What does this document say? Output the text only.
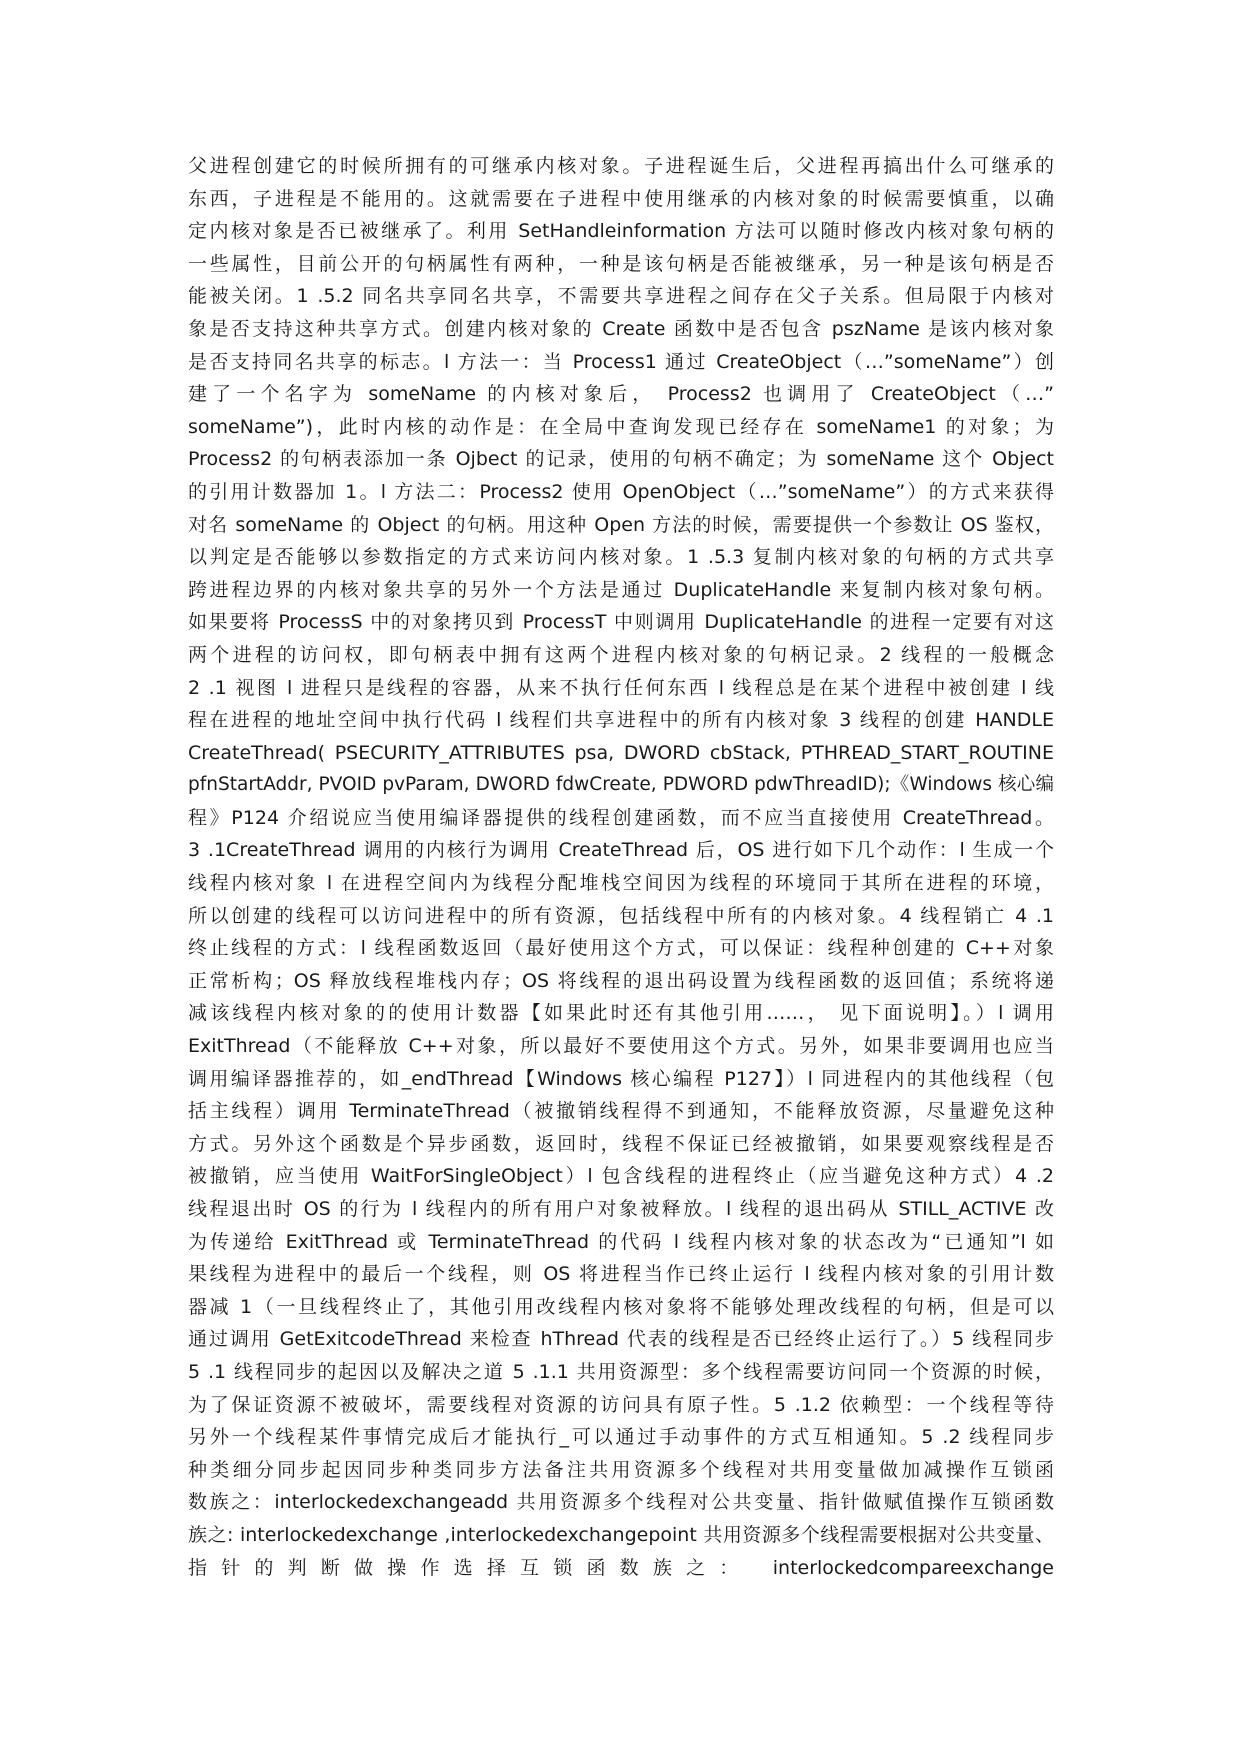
父进程创建它的时候所拥有的可继承内核对象。子进程诞生后，父进程再搞出什么可继承的
东西，子进程是不能用的。这就需要在子进程中使用继承的内核对象的时候需要慎重，以确
定内核对象是否已被继承了。利用 SetHandleinformation 方法可以随时修改内核对象句柄的
一些属性，目前公开的句柄属性有两种，一种是该句柄是否能被继承，另一种是该句柄是否
能被关闭。1 .5.2 同名共享同名共享，不需要共享进程之间存在父子关系。但局限于内核对
象是否支持这种共享方式。创建内核对象的 Create 函数中是否包含 pszName 是该内核对象
是否支持同名共享的标志。l 方法一：当 Process1 通过 CreateObject（…”someName”）创
建了一个名字为 someName 的内核对象后， Process2 也调用了 CreateObject（…”
someName”)，此时内核的动作是：在全局中查询发现已经存在 someName1 的对象；为
Process2 的句柄表添加一条 Ojbect 的记录，使用的句柄不确定；为 someName 这个 Object
的引用计数器加 1。l 方法二：Process2 使用 OpenObject（…”someName”）的方式来获得
对名 someName 的 Object 的句柄。用这种 Open 方法的时候，需要提供一个参数让 OS 鉴权，
以判定是否能够以参数指定的方式来访问内核对象。1 .5.3 复制内核对象的句柄的方式共享
跨进程边界的内核对象共享的另外一个方法是通过 DuplicateHandle 来复制内核对象句柄。
如果要将 ProcessS 中的对象拷贝到 ProcessT 中则调用 DuplicateHandle 的进程一定要有对这
两个进程的访问权，即句柄表中拥有这两个进程内核对象的句柄记录。2 线程的一般概念
2 .1 视图 l 进程只是线程的容器，从来不执行任何东西 l 线程总是在某个进程中被创建 l 线
程在进程的地址空间中执行代码 l 线程们共享进程中的所有内核对象 3 线程的创建 HANDLE
CreateThread( PSECURITY_ATTRIBUTES psa, DWORD cbStack, PTHREAD_START_ROUTINE
pfnStartAddr, PVOID pvParam, DWORD fdwCreate, PDWORD pdwThreadID);《Windows 核心编
程》P124 介绍说应当使用编译器提供的线程创建函数，而不应当直接使用 CreateThread。
3 .1CreateThread 调用的内核行为调用 CreateThread 后，OS 进行如下几个动作：l 生成一个
线程内核对象 l 在进程空间内为线程分配堆栈空间因为线程的环境同于其所在进程的环境，
所以创建的线程可以访问进程中的所有资源，包括线程中所有的内核对象。4 线程销亡 4 .1
终止线程的方式：l 线程函数返回（最好使用这个方式，可以保证：线程种创建的 C++对象
正常析构；OS 释放线程堆栈内存；OS 将线程的退出码设置为线程函数的返回值；系统将递
减该线程内核对象的的使用计数器【如果此时还有其他引用……， 见下面说明】。）l 调用
ExitThread（不能释放 C++对象，所以最好不要使用这个方式。另外，如果非要调用也应当
调用编译器推荐的，如_endThread【Windows 核心编程 P127】）l 同进程内的其他线程（包
括主线程）调用 TerminateThread（被撤销线程得不到通知，不能释放资源，尽量避免这种
方式。另外这个函数是个异步函数，返回时，线程不保证已经被撤销，如果要观察线程是否
被撤销，应当使用 WaitForSingleObject）l 包含线程的进程终止（应当避免这种方式）4 .2
线程退出时 OS 的行为 l 线程内的所有用户对象被释放。l 线程的退出码从 STILL_ACTIVE 改
为传递给 ExitThread 或 TerminateThread 的代码 l 线程内核对象的状态改为“已通知”l 如
果线程为进程中的最后一个线程，则 OS 将进程当作已终止运行 l 线程内核对象的引用计数
器减 1（一旦线程终止了，其他引用改线程内核对象将不能够处理改线程的句柄，但是可以
通过调用 GetExitcodeThread 来检查 hThread 代表的线程是否已经终止运行了。）5 线程同步
5 .1 线程同步的起因以及解决之道 5 .1.1 共用资源型：多个线程需要访问同一个资源的时候，
为了保证资源不被破坏，需要线程对资源的访问具有原子性。5 .1.2 依赖型：一个线程等待
另外一个线程某件事情完成后才能执行_可以通过手动事件的方式互相通知。5 .2 线程同步
种类细分同步起因同步种类同步方法备注共用资源多个线程对共用变量做加减操作互锁函
数族之：interlockedexchangeadd 共用资源多个线程对公共变量、指针做赋值操作互锁函数
族之: interlockedexchange ,interlockedexchangepoint 共用资源多个线程需要根据对公共变量、
指针的判断做操作选择互锁函数族之： interlockedcompareexchange
